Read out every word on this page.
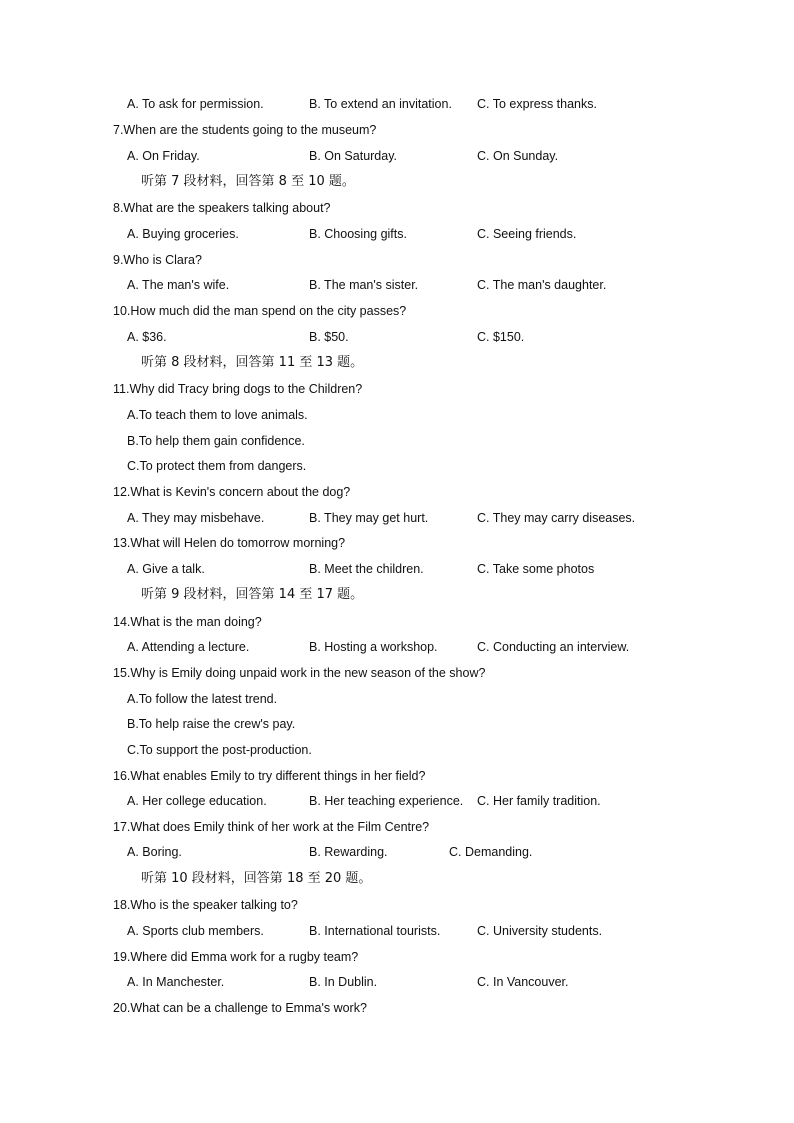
A. To ask for permission.	B. To extend an invitation. C. To express thanks.
7.When are the students going to the museum?
A. On Friday.	B. On Saturday.	C. On Sunday.
听第 7 段材料，回答第 8 至 10 题。
8.What are the speakers talking about?
A. Buying groceries.	B. Choosing gifts.	C. Seeing friends.
9.Who is Clara?
A. The man's wife.	B. The man's sister.	C. The man's daughter.
10.How much did the man spend on the city passes?
A. $36.	B. $50.	C. $150.
听第 8 段材料，回答第 11 至 13 题。
11.Why did Tracy bring dogs to the Children?
A.To teach them to love animals.
B.To help them gain confidence.
C.To protect them from dangers.
12.What is Kevin's concern about the dog?
A. They may misbehave.	B. They may get hurt.	C. They may carry diseases.
13.What will Helen do tomorrow morning?
A. Give a talk.	B. Meet the children.	C. Take some photos
听第 9 段材料，回答第 14 至 17 题。
14.What is the man doing?
A. Attending a lecture.	B. Hosting a workshop.	C. Conducting an interview.
15.Why is Emily doing unpaid work in the new season of the show?
A.To follow the latest trend.
B.To help raise the crew's pay.
C.To support the post-production.
16.What enables Emily to try different things in her field?
A. Her college education.	B. Her teaching experience. C. Her family tradition.
17.What does Emily think of her work at the Film Centre?
A. Boring.	B. Rewarding.	C. Demanding.
听第 10 段材料，回答第 18 至 20 题。
18.Who is the speaker talking to?
A. Sports club members.	B. International tourists.	C. University students.
19.Where did Emma work for a rugby team?
A. In Manchester.	B. In Dublin.	C. In Vancouver.
20.What can be a challenge to Emma's work?
